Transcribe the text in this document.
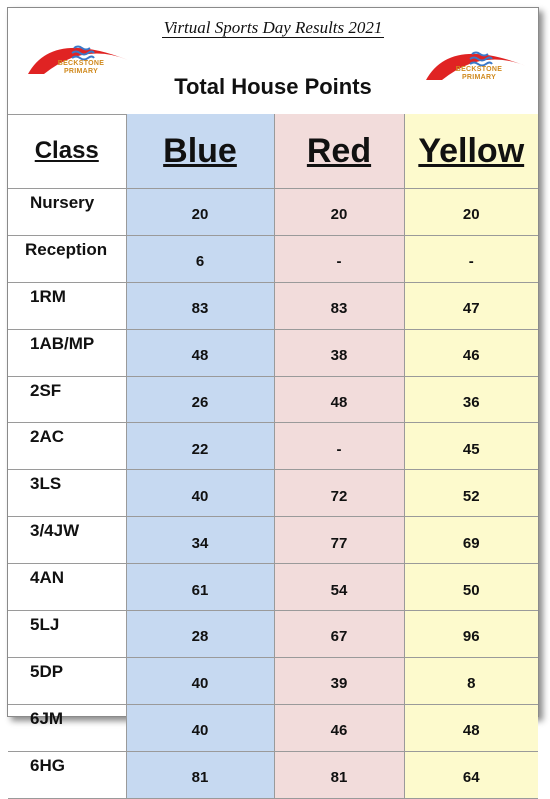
BECKSTONE
PRIMARY
Virtual Sports Day Results 2021
BECKSTONE
PRIMARY
Total House Points
Class	Blue	Red	Yellow
Nursery	20	20	20
Reception	6	-	-
1RM	83	83	47
1AB/MP	48	38	46
2SF	26	48	36
2AC	22	-	45
3LS	40	72	52
3/4JW	34	77	69
4AN	61	54	50
5LJ	28	67	96
5DP	40	39	8
6JM	40	46	48
6HG	81	81	64
